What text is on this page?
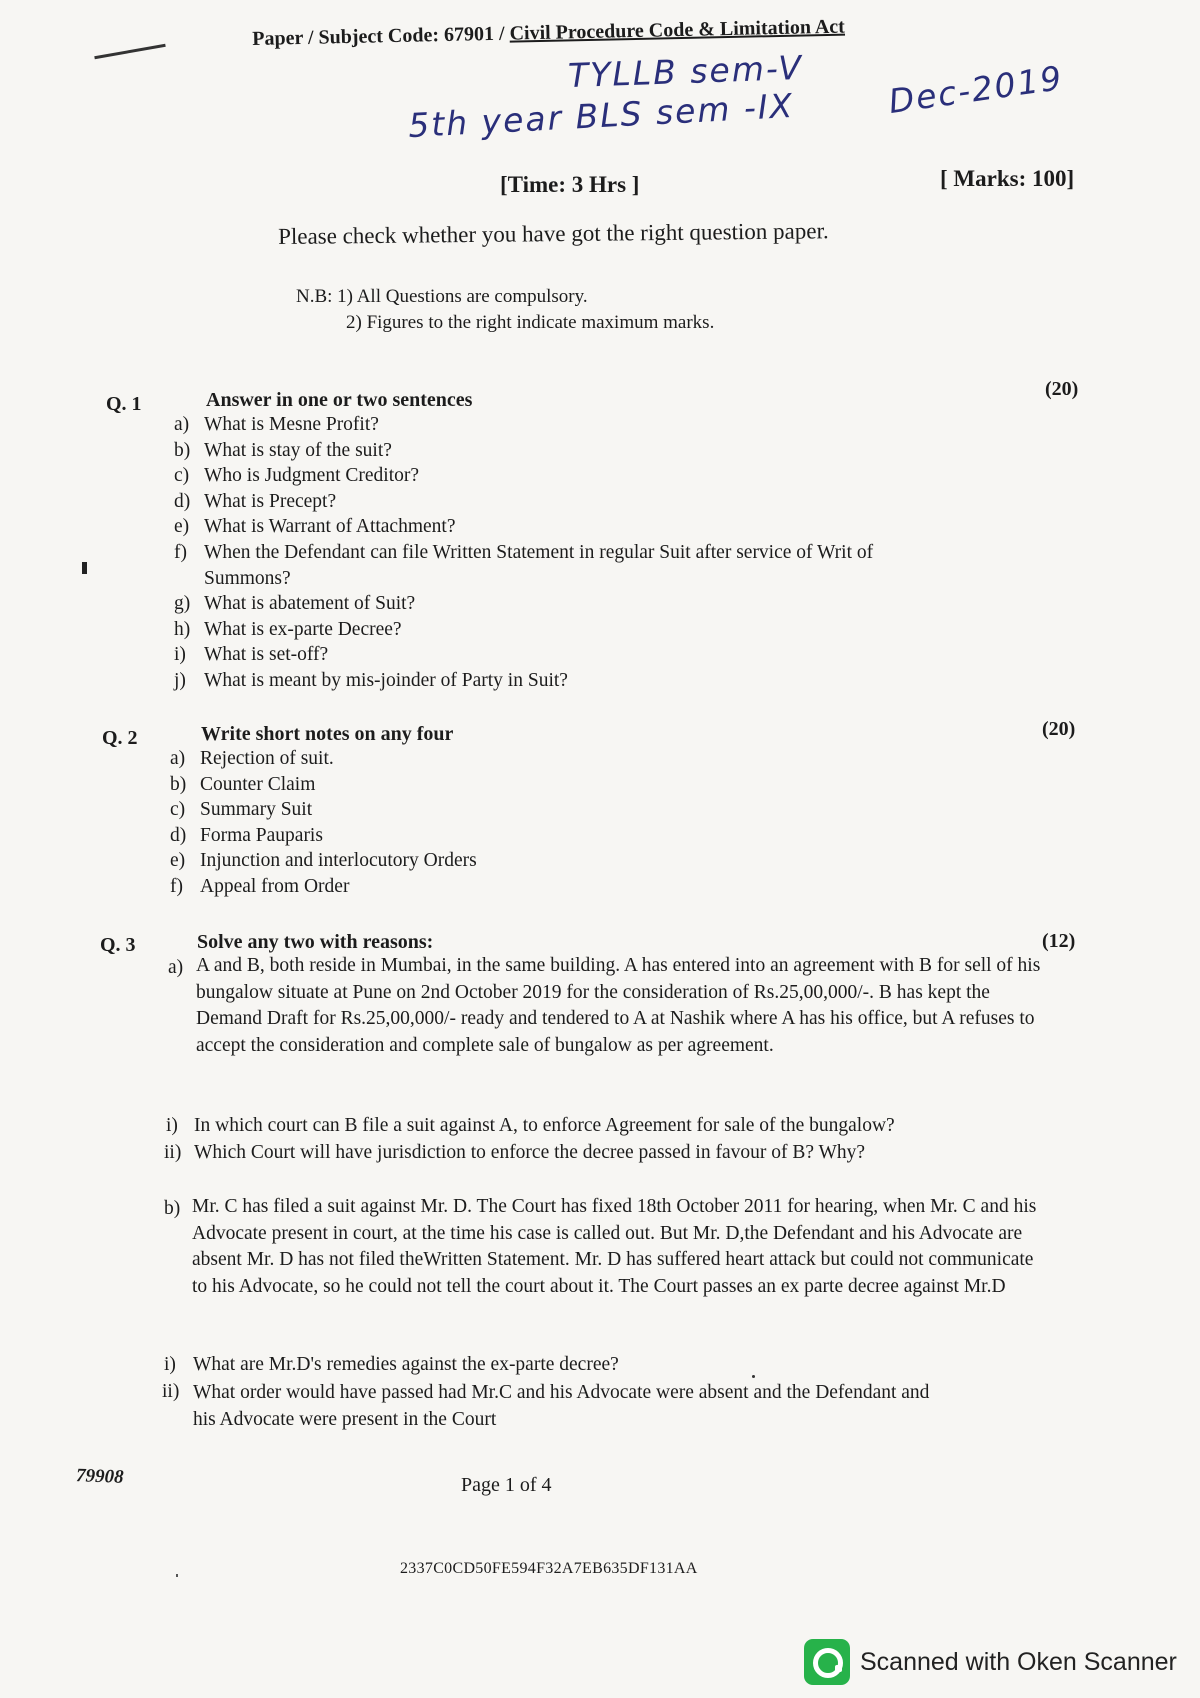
Paper / Subject Code: 67901 / Civil Procedure Code & Limitation Act
TYLLB sem-V
5th year BLS sem -IX	Dec-2019
[Time: 3 Hrs ]	[ Marks: 100]
Please check whether you have got the right question paper.
N.B: 1) All Questions are compulsory.
2) Figures to the right indicate maximum marks.
Q. 1	Answer in one or two sentences	(20)
a) What is Mesne Profit?
b) What is stay of the suit?
c) Who is Judgment Creditor?
d) What is Precept?
e) What is Warrant of Attachment?
f) When the Defendant can file Written Statement in regular Suit after service of Writ of
Summons?
g) What is abatement of Suit?
h) What is ex-parte Decree?
i) What is set-off?
j) What is meant by mis-joinder of Party in Suit?
Q. 2	Write short notes on any four	(20)
a) Rejection of suit.
b) Counter Claim
c) Summary Suit
d) Forma Pauparis
e) Injunction and interlocutory Orders
f) Appeal from Order
Q. 3	Solve any two with reasons:	(12)
a) A and B, both reside in Mumbai, in the same building. A has entered into an agreement with B for sell of his bungalow situate at Pune on 2nd October 2019 for the consideration of Rs.25,00,000/-. B has kept the Demand Draft for Rs.25,00,000/- ready and tendered to A at Nashik where A has his office, but A refuses to accept the consideration and complete sale of bungalow as per agreement.
i) In which court can B file a suit against A, to enforce Agreement for sale of the bungalow?
ii) Which Court will have jurisdiction to enforce the decree passed in favour of B? Why?
b) Mr. C has filed a suit against Mr. D. The Court has fixed 18th October 2011 for hearing, when Mr. C and his Advocate present in court, at the time his case is called out. But Mr. D,the Defendant and his Advocate are absent Mr. D has not filed theWritten Statement. Mr. D has suffered heart attack but could not communicate to his Advocate, so he could not tell the court about it. The Court passes an ex parte decree against Mr.D
i) What are Mr.D's remedies against the ex-parte decree?
ii) What order would have passed had Mr.C and his Advocate were absent and the Defendant and his Advocate were present in the Court
79908	Page 1 of 4
2337C0CD50FE594F32A7EB635DF131AA
Scanned with Oken Scanner
